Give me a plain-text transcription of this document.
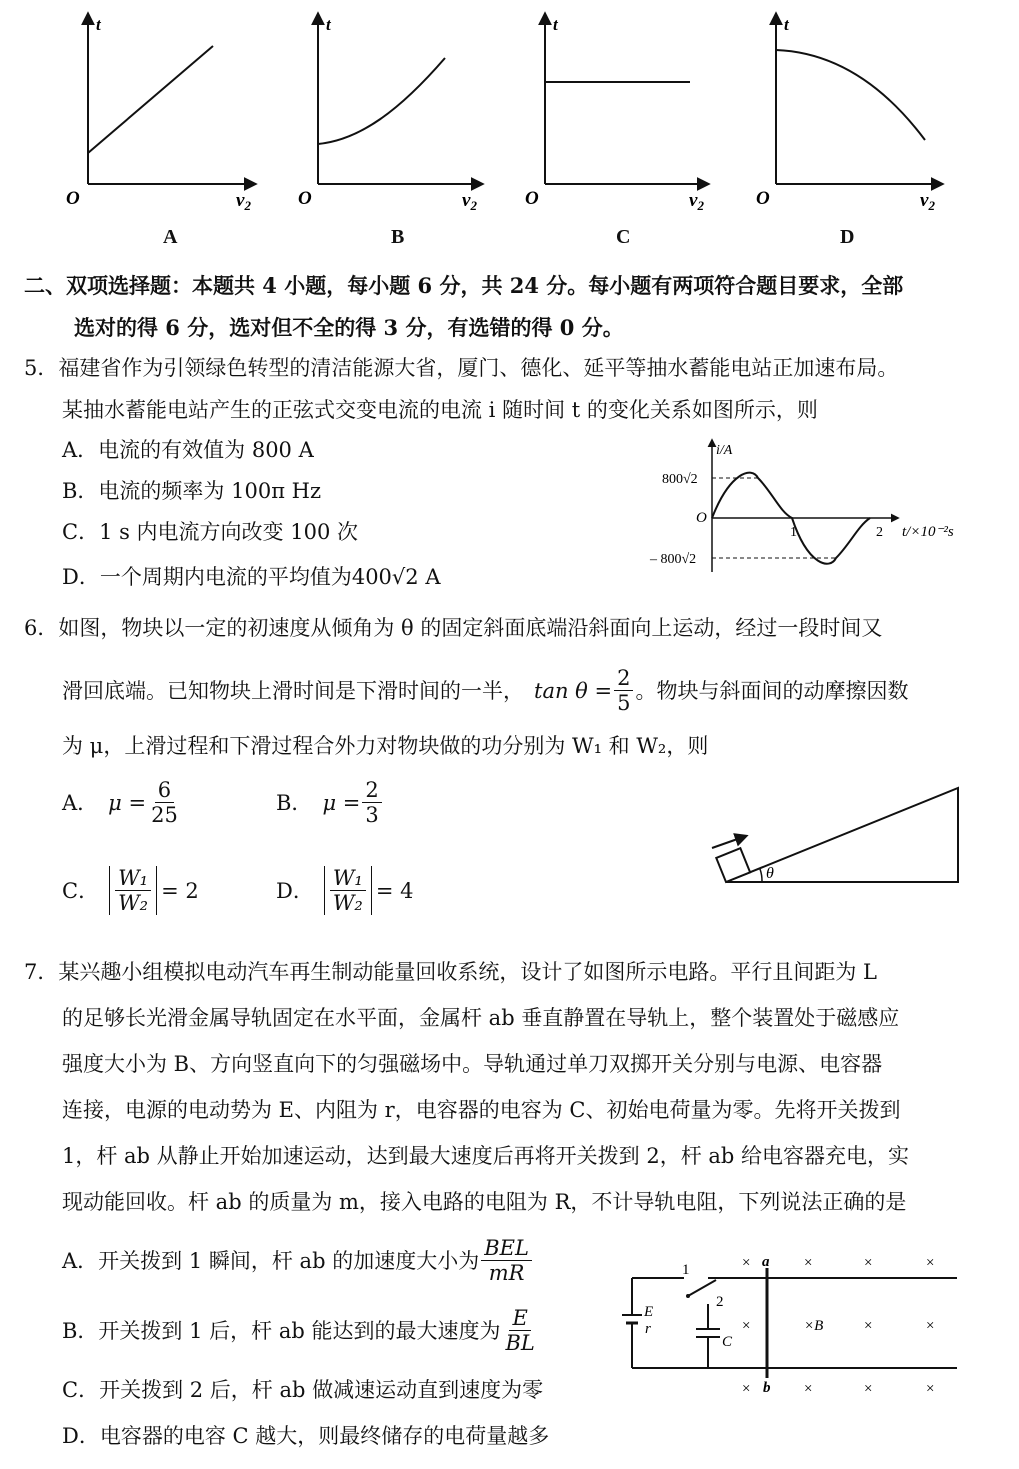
t
O	$v_2$
t
O	$v_2$
t
O	$v_2$
t
O	$v_2$
A	B	C	D
二、双项选择题：本题共 4 小题，每小题 6 分，共 24 分。每小题有两项符合题目要求，全部
选对的得 6 分，选对但不全的得 3 分，有选错的得 0 分。
5．福建省作为引领绿色转型的清洁能源大省，厦门、德化、延平等抽水蓄能电站正加速布局。
某抽水蓄能电站产生的正弦式交变电流的电流 i 随时间 t 的变化关系如图所示，则
A．电流的有效值为 800 A
B．电流的频率为 100π Hz
C．1 s 内电流方向改变 100 次
D．一个周期内电流的平均值为400√2 A
i/A
800√2
O
– 800√2
1	2 t/×10⁻²s
6．如图，物块以一定的初速度从倾角为 θ 的固定斜面底端沿斜面向上运动，经过一段时间又
滑回底端。已知物块上滑时间是下滑时间的一半， $\tan \theta = \frac{2}{5}$ 。物块与斜面间的动摩擦因数
为 μ，上滑过程和下滑过程合外力对物块做的功分别为 W₁ 和 W₂，则
A． $\mu = \frac{6}{25}$	B． $\mu = \frac{2}{3}$
C． $\frac{\text{W₁}}{\text{W₂}} = 2$	D． $\frac{\text{W₁}}{\text{W₂}} = 4$
θ
7．某兴趣小组模拟电动汽车再生制动能量回收系统，设计了如图所示电路。平行且间距为 L
的足够长光滑金属导轨固定在水平面，金属杆 ab 垂直静置在导轨上，整个装置处于磁感应
强度大小为 B、方向竖直向下的匀强磁场中。导轨通过单刀双掷开关分别与电源、电容器
连接，电源的电动势为 E、内阻为 r，电容器的电容为 C、初始电荷量为零。先将开关拨到
1，杆 ab 从静止开始加速运动，达到最大速度后再将开关拨到 2，杆 ab 给电容器充电，实
现动能回收。杆 ab 的质量为 m，接入电路的电阻为 R，不计导轨电阻，下列说法正确的是
A．开关拨到 1 瞬间，杆 ab 的加速度大小为 $\frac{\text{BEL}}{mR}$
B．开关拨到 1 后，杆 ab 能达到的最大速度为 $\frac{E}{BL}$
C．开关拨到 2 后，杆 ab 做减速运动直到速度为零
D．电容器的电容 C 越大，则最终储存的电荷量越多
E
r
1
2
C
a
b
×	×	×	×
×	×B	×	×
×	×	×	×
